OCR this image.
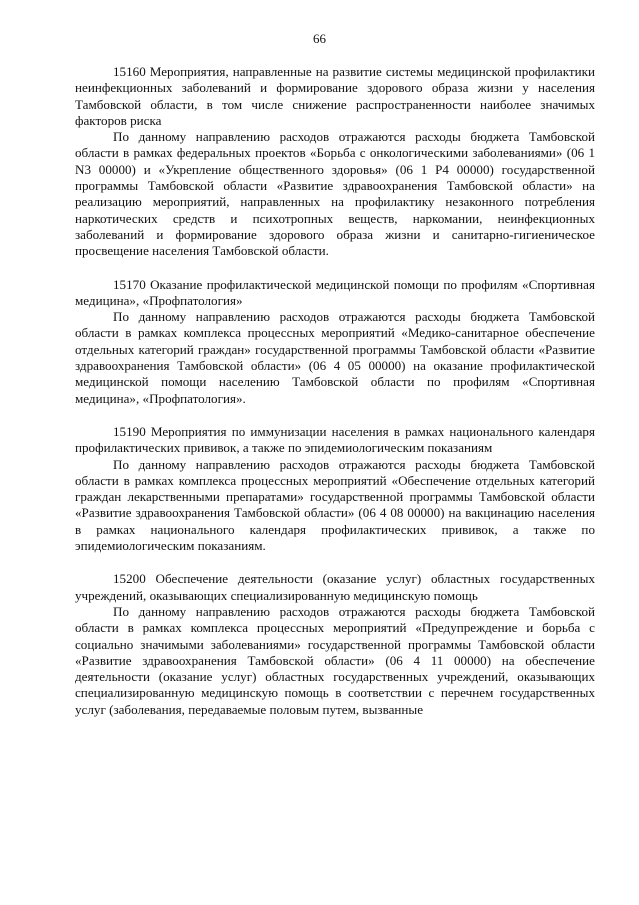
66

15160 Мероприятия, направленные на развитие системы медицинской профилактики неинфекционных заболеваний и формирование здорового образа жизни у населения Тамбовской области, в том числе снижение распространенности наиболее значимых факторов риска

По данному направлению расходов отражаются расходы бюджета Тамбовской области в рамках федеральных проектов «Борьба с онкологическими заболеваниями» (06 1 N3 00000) и «Укрепление общественного здоровья» (06 1 Р4 00000) государственной программы Тамбовской области «Развитие здравоохранения Тамбовской области» на реализацию мероприятий, направленных на профилактику незаконного потребления наркотических средств и психотропных веществ, наркомании, неинфекционных заболеваний и формирование здорового образа жизни и санитарно-гигиеническое просвещение населения Тамбовской области.

15170 Оказание профилактической медицинской помощи по профилям «Спортивная медицина», «Профпатология»

По данному направлению расходов отражаются расходы бюджета Тамбовской области в рамках комплекса процессных мероприятий «Медико-санитарное обеспечение отдельных категорий граждан» государственной программы Тамбовской области «Развитие здравоохранения Тамбовской области» (06 4 05 00000) на оказание профилактической медицинской помощи населению Тамбовской области по профилям «Спортивная медицина», «Профпатология».

15190 Мероприятия по иммунизации населения в рамках национального календаря профилактических прививок, а также по эпидемиологическим показаниям

По данному направлению расходов отражаются расходы бюджета Тамбовской области в рамках комплекса процессных мероприятий «Обеспечение отдельных категорий граждан лекарственными препаратами» государственной программы Тамбовской области «Развитие здравоохранения Тамбовской области» (06 4 08 00000) на вакцинацию населения в рамках национального календаря профилактических прививок, а также по эпидемиологическим показаниям.

15200 Обеспечение деятельности (оказание услуг) областных государственных учреждений, оказывающих специализированную медицинскую помощь

По данному направлению расходов отражаются расходы бюджета Тамбовской области в рамках комплекса процессных мероприятий «Предупреждение и борьба с социально значимыми заболеваниями» государственной программы Тамбовской области «Развитие здравоохранения Тамбовской области» (06 4 11 00000) на обеспечение деятельности (оказание услуг) областных государственных учреждений, оказывающих специализированную медицинскую помощь в соответствии с перечнем государственных услуг (заболевания, передаваемые половым путем, вызванные
